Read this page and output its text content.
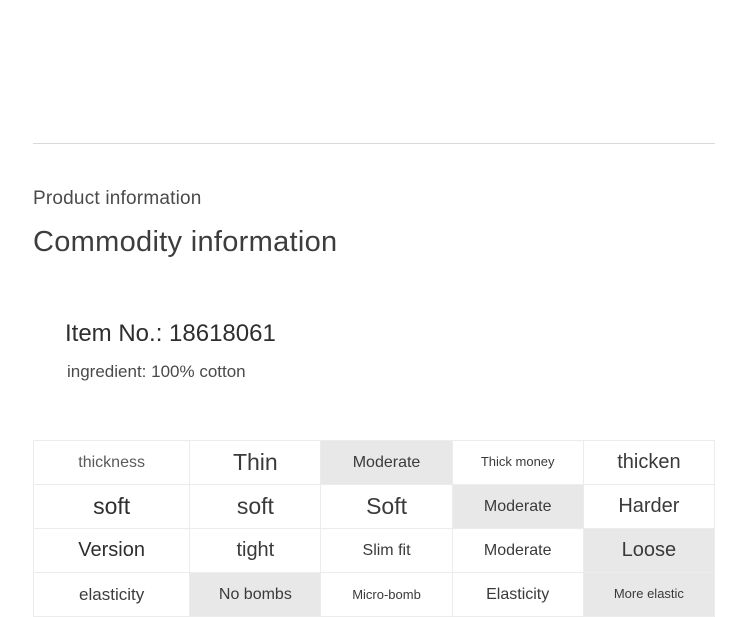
Product information
Commodity information
Item No.: 18618061
ingredient: 100% cotton
thickness	Thin	Moderate	Thick money	thicken

soft	soft	Soft	Moderate	Harder

Version	tight	Slim fit	Moderate	Loose

elasticity	No bombs	Micro-bomb	Elasticity	More elastic
